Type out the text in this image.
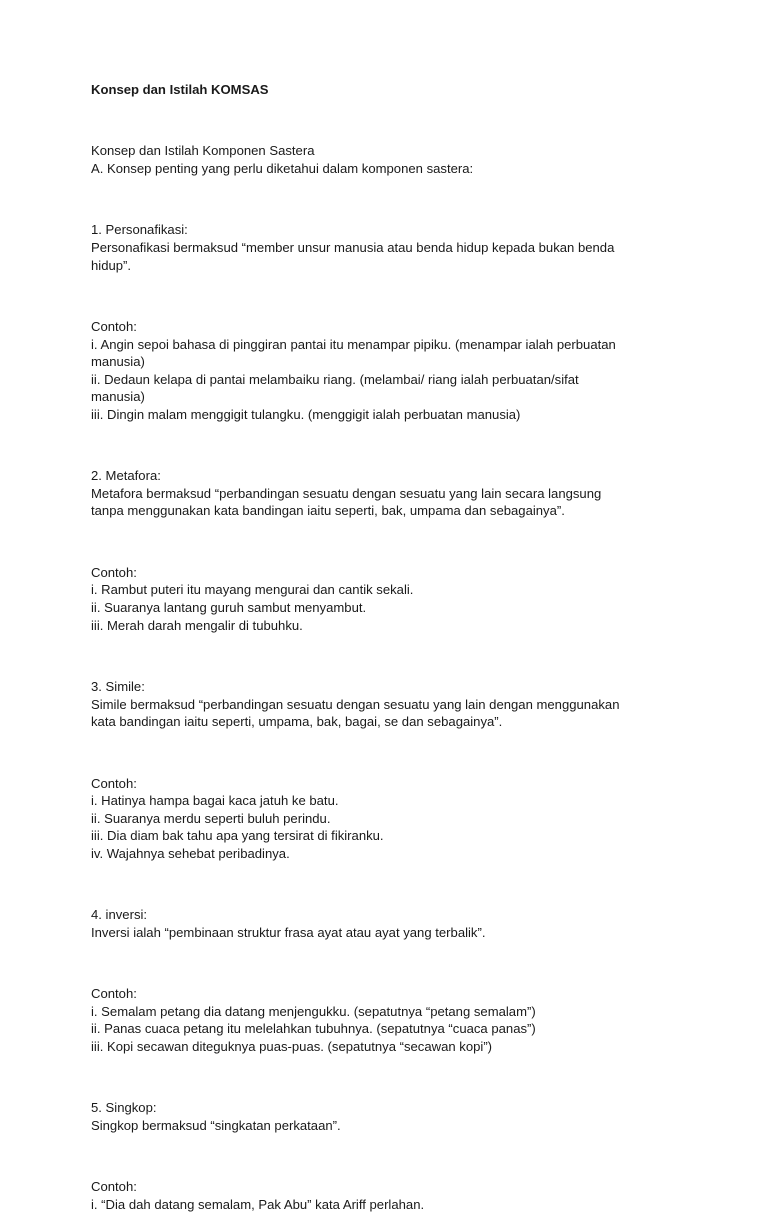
Konsep dan Istilah KOMSAS

Konsep dan Istilah Komponen Sastera

A. Konsep penting yang perlu diketahui dalam komponen sastera:

1. Personafikasi:

Personafikasi bermaksud “member unsur manusia atau benda hidup kepada bukan benda

hidup”.

Contoh:

i. Angin sepoi bahasa di pinggiran pantai itu menampar pipiku. (menampar ialah perbuatan

manusia)

ii. Dedaun kelapa di pantai melambaiku riang. (melambai/ riang ialah perbuatan/sifat

manusia)

iii. Dingin malam menggigit tulangku. (menggigit ialah perbuatan manusia)

2. Metafora:

Metafora bermaksud “perbandingan sesuatu dengan sesuatu yang lain secara langsung

tanpa menggunakan kata bandingan iaitu seperti, bak, umpama dan sebagainya”.

Contoh:

i. Rambut puteri itu mayang mengurai dan cantik sekali.

ii. Suaranya lantang guruh sambut menyambut.

iii. Merah darah mengalir di tubuhku.

3. Simile:

Simile bermaksud “perbandingan sesuatu dengan sesuatu yang lain dengan menggunakan

kata bandingan iaitu seperti, umpama, bak, bagai, se dan sebagainya”.

Contoh:

i. Hatinya hampa bagai kaca jatuh ke batu.

ii. Suaranya merdu seperti buluh perindu.

iii. Dia diam bak tahu apa yang tersirat di fikiranku.

iv. Wajahnya sehebat peribadinya.

4. inversi:

Inversi ialah “pembinaan struktur frasa ayat atau ayat yang terbalik”.

Contoh:

i. Semalam petang dia datang menjengukku. (sepatutnya “petang semalam”)

ii. Panas cuaca petang itu melelahkan tubuhnya. (sepatutnya “cuaca panas”)

iii. Kopi secawan diteguknya puas-puas. (sepatutnya “secawan kopi”)

5. Singkop:

Singkop bermaksud “singkatan perkataan”.

Contoh:

i. “Dia dah datang semalam, Pak Abu” kata Ariff perlahan.
